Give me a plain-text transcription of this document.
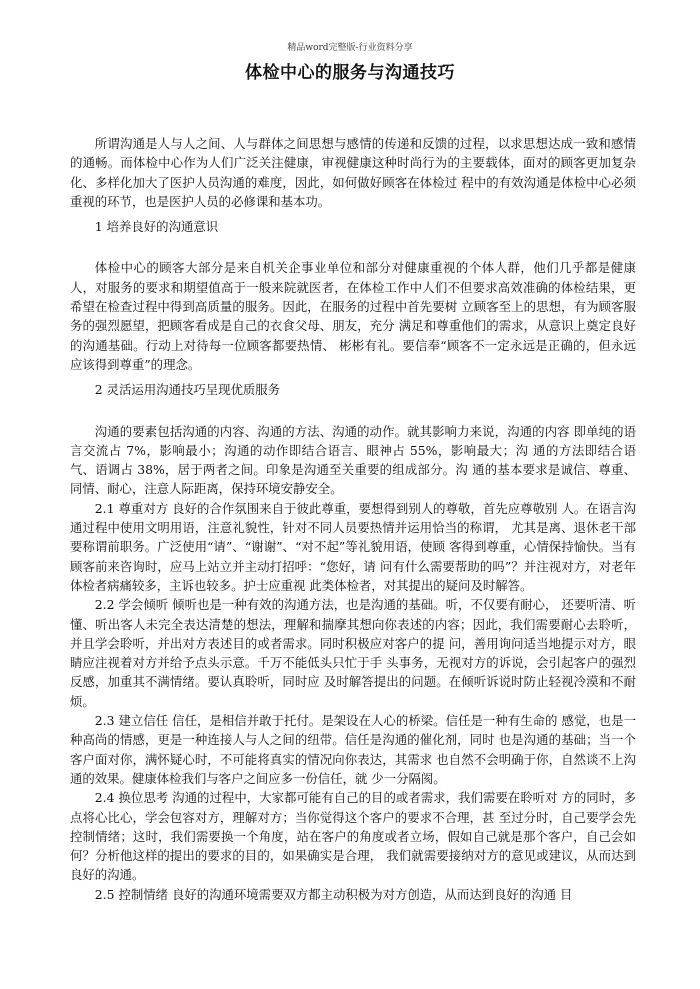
精品word完整版-行业资料分享
体检中心的服务与沟通技巧

所谓沟通是人与人之间、人与群体之间思想与感情的传递和反馈的过程，以求思想达成一致和感情的通畅。而体检中心作为人们广泛关注健康，审视健康这种时尚行为的主要载体，面对的顾客更加复杂化、多样化加大了医护人员沟通的难度，因此，如何做好顾客在体检过 程中的有效沟通是体检中心必须重视的环节，也是医护人员的必修课和基本功。

1 培养良好的沟通意识

体检中心的顾客大部分是来自机关企事业单位和部分对健康重视的个体人群，他们几乎都是健康人，对服务的要求和期望值高于一般来院就医者，在体检工作中人们不但要求高效准确的体检结果，更希望在检查过程中得到高质量的服务。因此，在服务的过程中首先要树 立顾客至上的思想，有为顾客服务的强烈愿望，把顾客看成是自己的衣食父母、朋友，充分 满足和尊重他们的需求，从意识上奠定良好的沟通基础。行动上对待每一位顾客都要热情、 彬彬有礼。要信奉“顾客不一定永远是正确的，但永远应该得到尊重”的理念。

2 灵活运用沟通技巧呈现优质服务

沟通的要素包括沟通的内容、沟通的方法、沟通的动作。就其影响力来说，沟通的内容 即单纯的语言交流占 7%，影响最小；沟通的动作即结合语言、眼神占 55%，影响最大；沟 通的方法即结合语气、语调占 38%，居于两者之间。印象是沟通至关重要的组成部分。沟 通的基本要求是诚信、尊重、同情、耐心，注意人际距离，保持环境安静安全。

2.1 尊重对方 良好的合作氛围来自于彼此尊重，要想得到别人的尊敬，首先应尊敬别 人。在语言沟通过程中使用文明用语，注意礼貌性，针对不同人员要热情并运用恰当的称谓， 尤其是离、退休老干部要称谓前职务。广泛使用“请”、“谢谢”、“对不起”等礼貌用语，使顾 客得到尊重，心情保持愉快。当有顾客前来咨询时，应马上站立并主动打招呼：“您好，请 问有什么需要帮助的吗”？并注视对方，对老年体检者病痛较多，主诉也较多。护士应重视 此类体检者，对其提出的疑问及时解答。

2.2 学会倾听 倾听也是一种有效的沟通方法，也是沟通的基础。听，不仅要有耐心， 还要听清、听懂、听出客人未完全表达清楚的想法，理解和揣摩其想向你表述的内容；因此，我们需要耐心去聆听，并且学会聆听，并出对方表述目的或者需求。同时积极应对客户的提 问，善用询问适当地提示对方，眼睛应注视着对方并给予点头示意。千万不能低头只忙于手 头事务，无视对方的诉说，会引起客户的强烈反感，加重其不满情绪。要认真聆听，同时应 及时解答提出的问题。在倾听诉说时防止轻视冷漠和不耐烦。

2.3 建立信任 信任，是相信并敢于托付。是架设在人心的桥梁。信任是一种有生命的 感觉，也是一种高尚的情感，更是一种连接人与人之间的纽带。信任是沟通的催化剂，同时 也是沟通的基础；当一个客户面对你，满怀疑心时，不可能将真实的情况向你表达，其需求 也自然不会明确于你，自然谈不上沟通的效果。健康体检我们与客户之间应多一份信任，就 少一分隔阂。

2.4 换位思考 沟通的过程中，大家都可能有自己的目的或者需求，我们需要在聆听对 方的同时，多点将心比心，学会包容对方，理解对方；当你觉得这个客户的要求不合理，甚 至过分时，自己要学会先控制情绪；这时，我们需要换一个角度，站在客户的角度或者立场，假如自己就是那个客户，自己会如何？分析他这样的提出的要求的目的，如果确实是合理， 我们就需要接纳对方的意见或建议，从而达到良好的沟通。

2.5 控制情绪 良好的沟通环境需要双方都主动积极为对方创造，从而达到良好的沟通 目
